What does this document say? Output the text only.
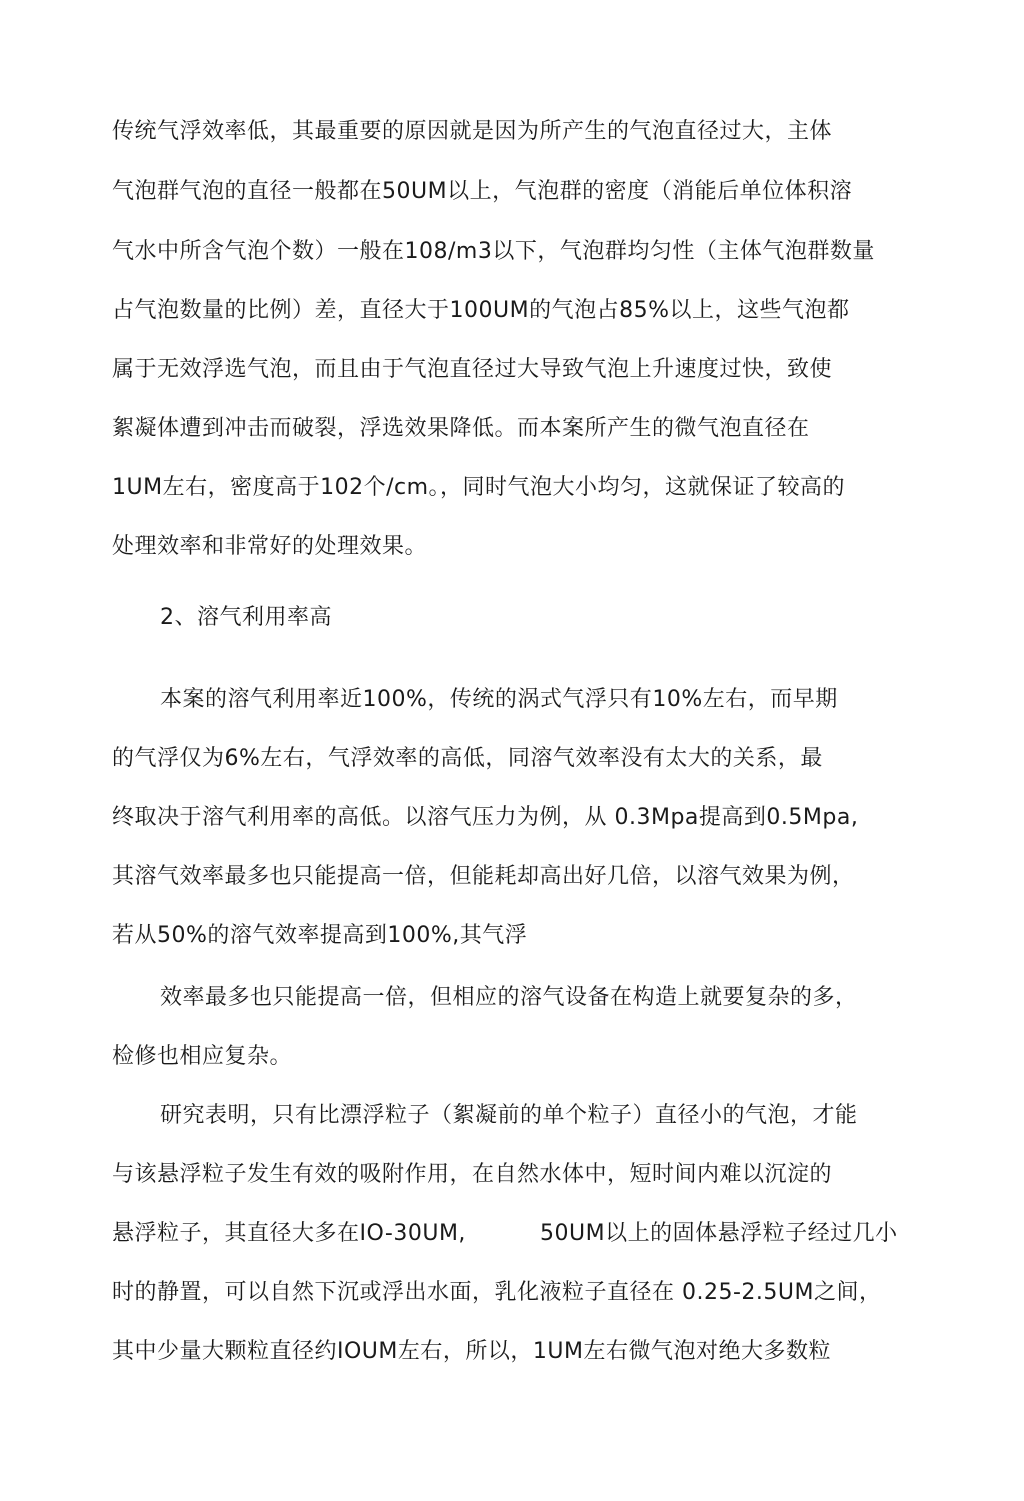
传统气浮效率低，其最重要的原因就是因为所产生的气泡直径过大，主体
气泡群气泡的直径一般都在50UM以上，气泡群的密度（消能后单位体积溶
气水中所含气泡个数）一般在108/m3以下，气泡群均匀性（主体气泡群数量
占气泡数量的比例）差，直径大于100UM的气泡占85%以上，这些气泡都
属于无效浮选气泡，而且由于气泡直径过大导致气泡上升速度过快，致使
絮凝体遭到冲击而破裂，浮选效果降低。而本案所产生的微气泡直径在
1UM左右，密度高于102个/cm。，同时气泡大小均匀，这就保证了较高的
处理效率和非常好的处理效果。
2、溶气利用率高
本案的溶气利用率近100%，传统的涡式气浮只有10%左右，而早期
的气浮仅为6%左右，气浮效率的高低，同溶气效率没有太大的关系，最
终取决于溶气利用率的高低。以溶气压力为例，从 0.3Mpa提高到0.5Mpa,
其溶气效率最多也只能提高一倍，但能耗却高出好几倍，以溶气效果为例，
若从50%的溶气效率提高到100%,其气浮
效率最多也只能提高一倍，但相应的溶气设备在构造上就要复杂的多，
检修也相应复杂。
研究表明，只有比漂浮粒子（絮凝前的单个粒子）直径小的气泡，才能
与该悬浮粒子发生有效的吸附作用，在自然水体中，短时间内难以沉淀的
悬浮粒子，其直径大多在IO-30UM,	50UM以上的固体悬浮粒子经过几小
时的静置，可以自然下沉或浮出水面，乳化液粒子直径在 0.25-2.5UM之间，
其中少量大颗粒直径约IOUM左右，所以，1UM左右微气泡对绝大多数粒
